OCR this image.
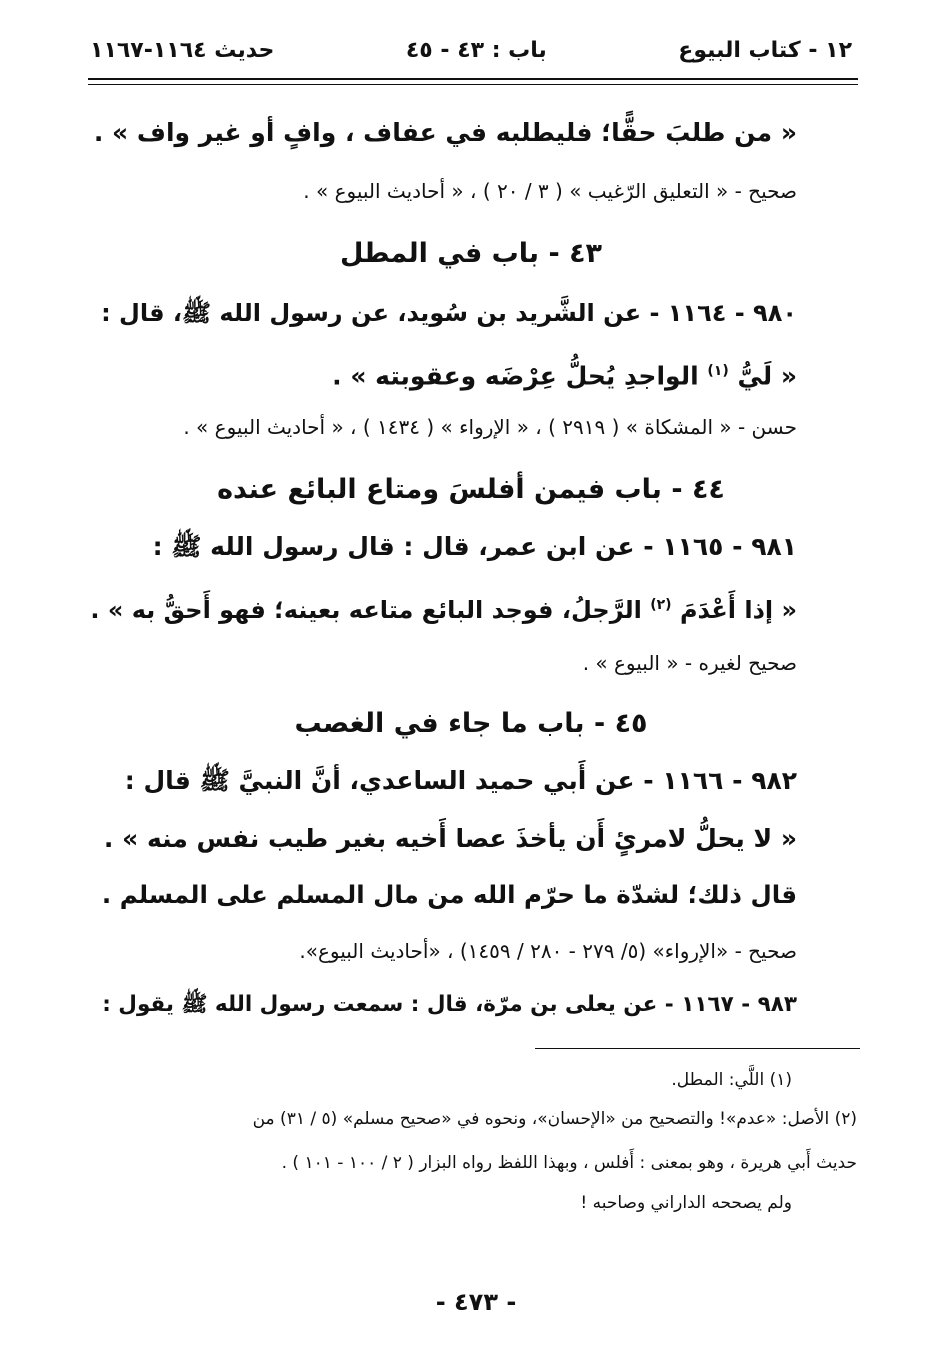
١٢ - كتاب البيوع
باب : ٤٣ - ٤٥
حديث ١١٦٤-١١٦٧
« من طلبَ حقًّا؛ فليطلبه في عفاف ، وافٍ أو غير واف » .
صحيح - « التعليق الرّغيب » ( ٣ / ٢٠ ) ، « أحاديث البيوع » .
٤٣ - باب في المطل
٩٨٠ - ١١٦٤ - عن الشَّريد بن سُويد، عن رسول الله ﷺ، قال :
« لَيُّ $^{(١)}$ الواجدِ يُحلُّ عِرْضَه وعقوبته » .
حسن - « المشكاة » ( ٢٩١٩ ) ، « الإرواء » ( ١٤٣٤ ) ، « أحاديث البيوع » .
٤٤ - باب فيمن أفلسَ ومتاع البائع عنده
٩٨١ - ١١٦٥ - عن ابن عمر، قال : قال رسول الله ﷺ :
« إذا أَعْدَمَ $^{(٢)}$ الرَّجلُ، فوجد البائع متاعه بعينه؛ فهو أَحقُّ به » .
صحيح لغيره - « البيوع » .
٤٥ - باب ما جاء في الغصب
٩٨٢ - ١١٦٦ - عن أَبي حميد الساعدي، أنَّ النبيَّ ﷺ قال :
« لا يحلُّ لامرئٍ أَن يأخذَ عصا أَخيه بغير طيب نفس منه » .
قال ذلك؛ لشدّة ما حرّم الله من مال المسلم على المسلم .
صحيح - «الإرواء» (٥/ ٢٧٩ - ٢٨٠ / ١٤٥٩) ، «أحاديث البيوع».
٩٨٣ - ١١٦٧ - عن يعلى بن مرّة، قال : سمعت رسول الله ﷺ يقول :
(١) اللَّي: المطل.
(٢) الأصل: «عدم»! والتصحيح من «الإحسان»، ونحوه في «صحيح مسلم» (٥ / ٣١) من
حديث أَبي هريرة ، وهو بمعنى : أَفلس ، وبهذا اللفظ رواه البزار ( ٢ / ١٠٠ - ١٠١ ) .
ولم يصححه الداراني وصاحبه !
- ٤٧٣ -
